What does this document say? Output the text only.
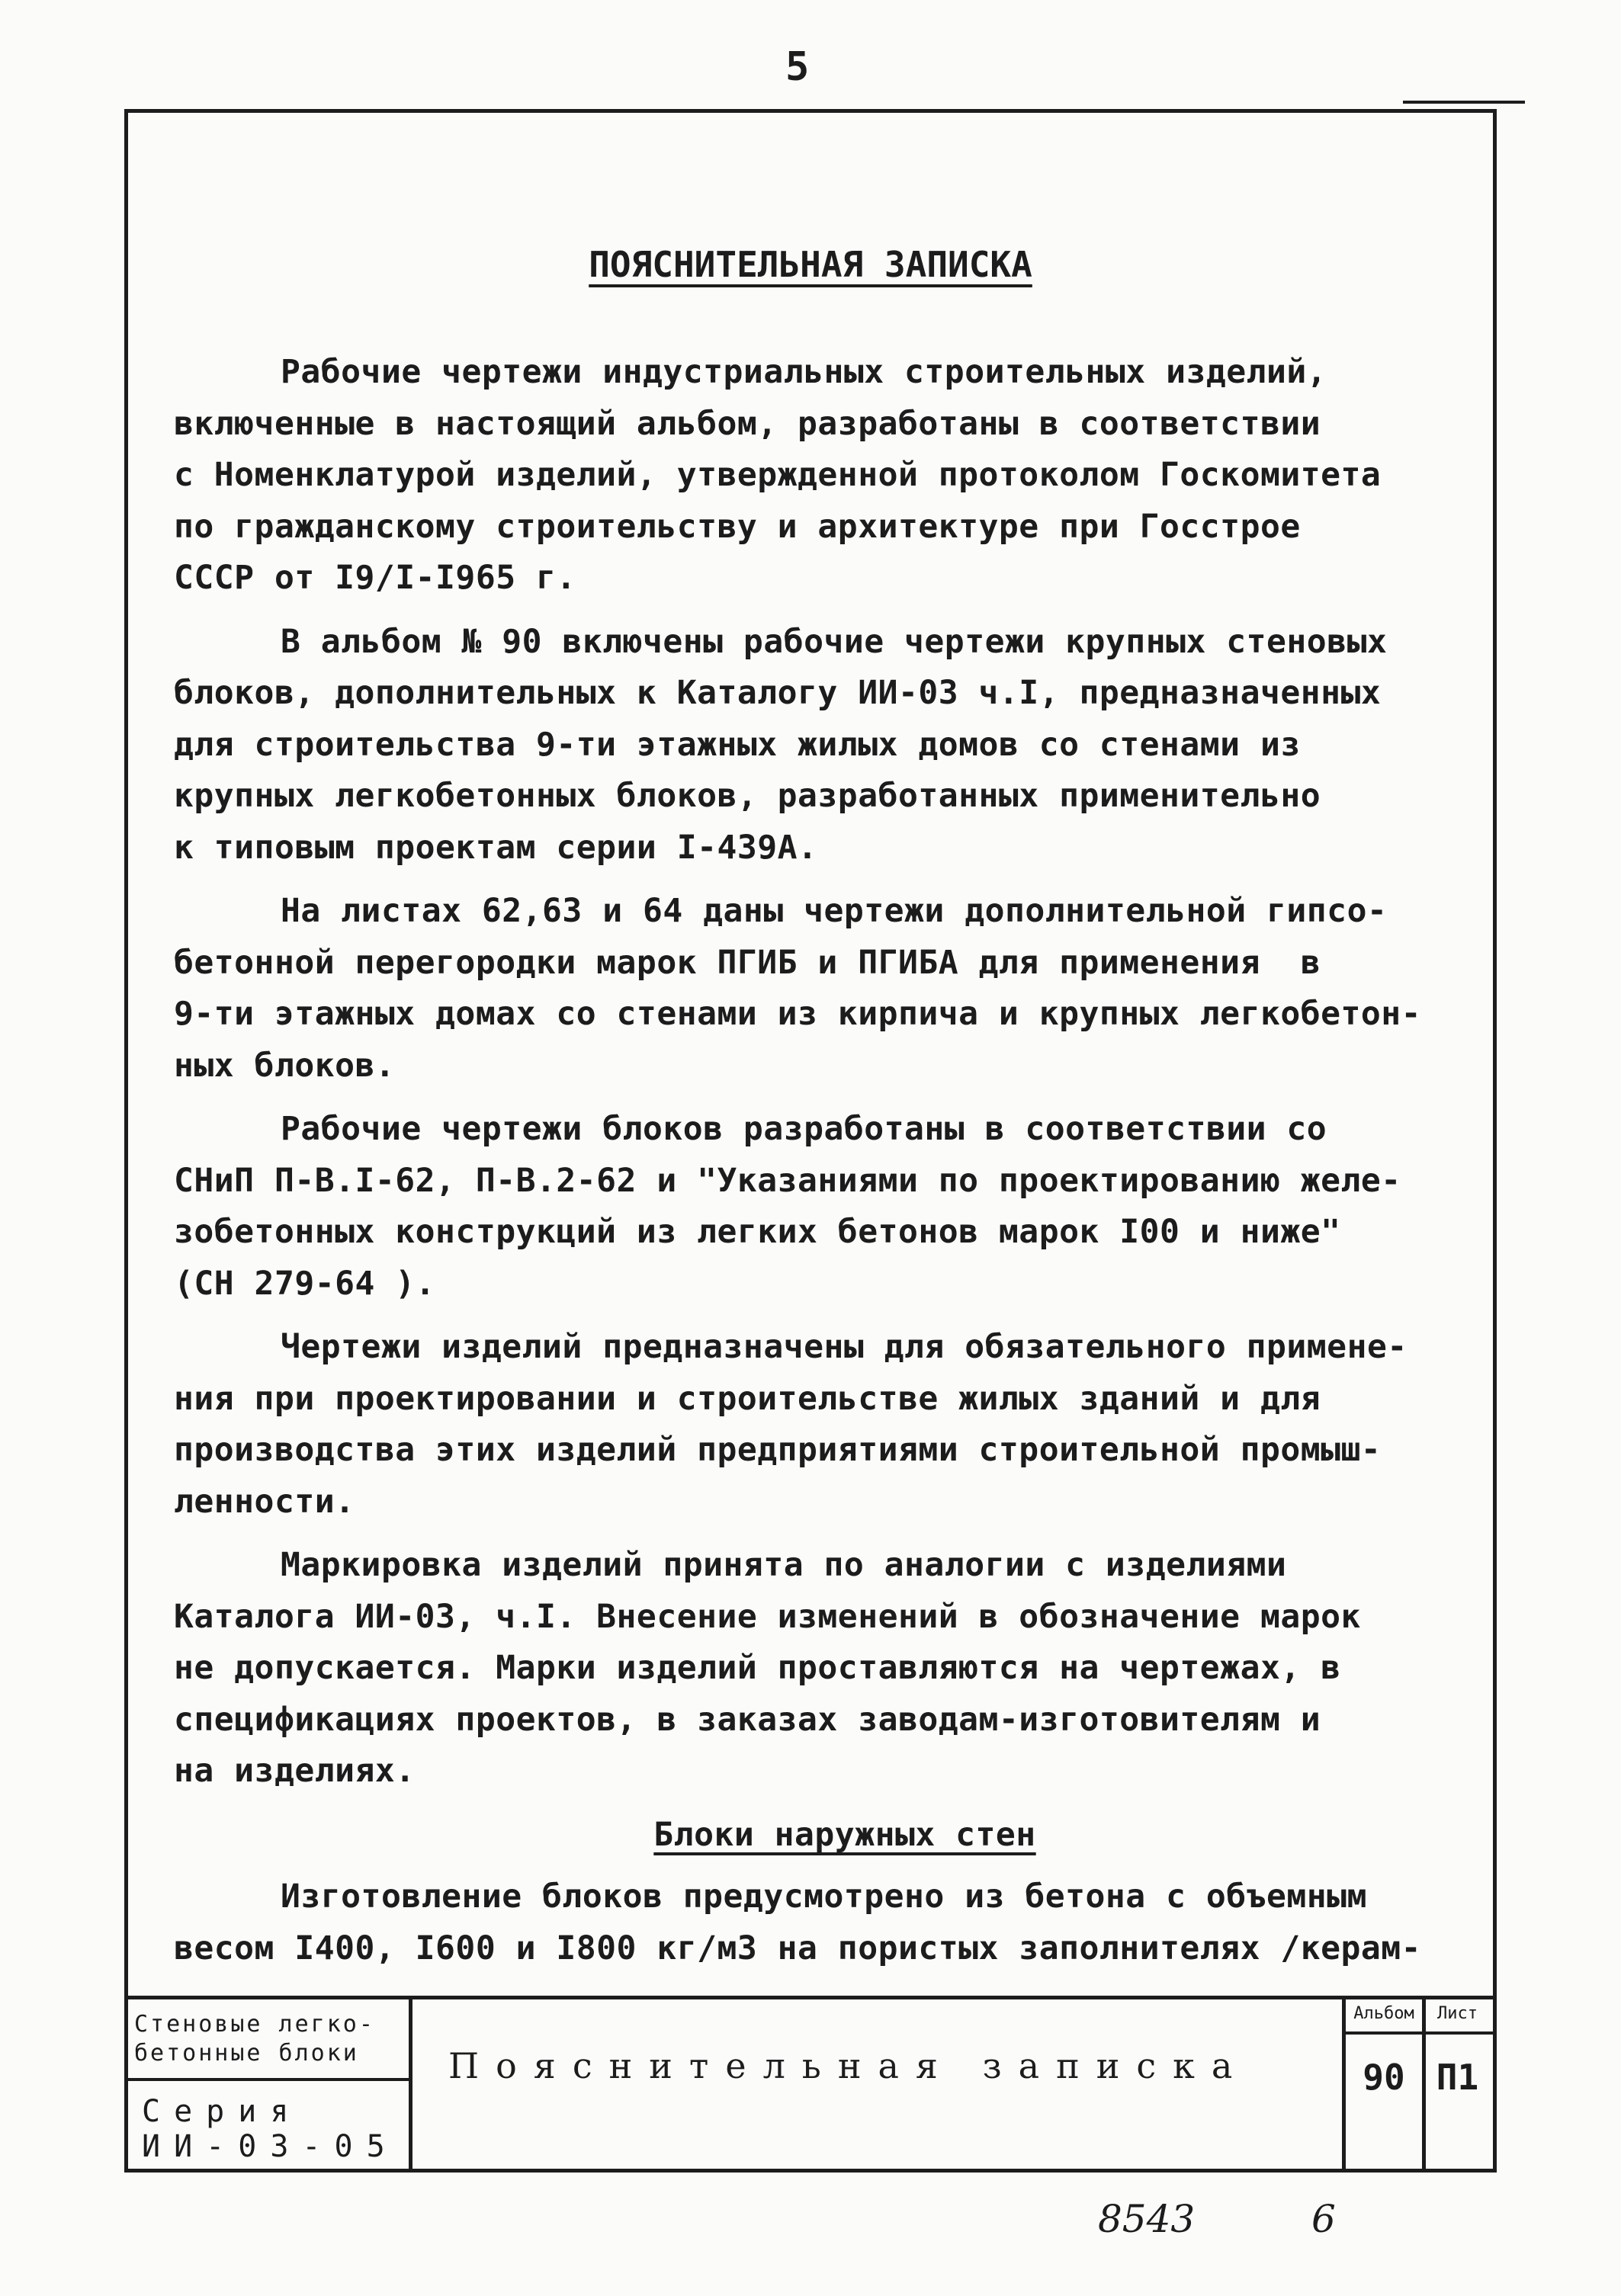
5
ПОЯСНИТЕЛЬНАЯ ЗАПИСКА

Рабочие чертежи индустриальных строительных изделий,
включенные в настоящий альбом, разработаны в соответствии
с Номенклатурой изделий, утвержденной протоколом Госкомитета
по гражданскому строительству и архитектуре при Госстрое
СССР от I9/I-I965 г.

В альбом № 90 включены рабочие чертежи крупных стеновых
блоков, дополнительных к Каталогу ИИ-03 ч.I, предназначенных
для строительства 9-ти этажных жилых домов со стенами из
крупных легкобетонных блоков, разработанных применительно
к типовым проектам серии I-439А.

На листах 62,63 и 64 даны чертежи дополнительной гипсо-
бетонной перегородки марок ПГИБ и ПГИБА для применения  в
9-ти этажных домах со стенами из кирпича и крупных легкобетон-
ных блоков.

Рабочие чертежи блоков разработаны в соответствии со
СНиП П-В.I-62, П-В.2-62 и "Указаниями по проектированию желе-
зобетонных конструкций из легких бетонов марок I00 и ниже"
(СН 279-64 ).

Чертежи изделий предназначены для обязательного примене-
ния при проектировании и строительстве жилых зданий и для
производства этих изделий предприятиями строительной промыш-
ленности.

Маркировка изделий принята по аналогии с изделиями
Каталога ИИ-03, ч.I. Внесение изменений в обозначение марок
не допускается. Марки изделий проставляются на чертежах, в
спецификациях проектов, в заказах заводам-изготовителям и
на изделиях.

Блоки наружных стен

Изготовление блоков предусмотрено из бетона с объемным
весом I400, I600 и I800 кг/м3 на пористых заполнителях /керам-

Стеновые легко-
бетонные блоки
Серия
ИИ-03-05
Пояснительная записка
Альбом
90
Лист
П1
8543	6
